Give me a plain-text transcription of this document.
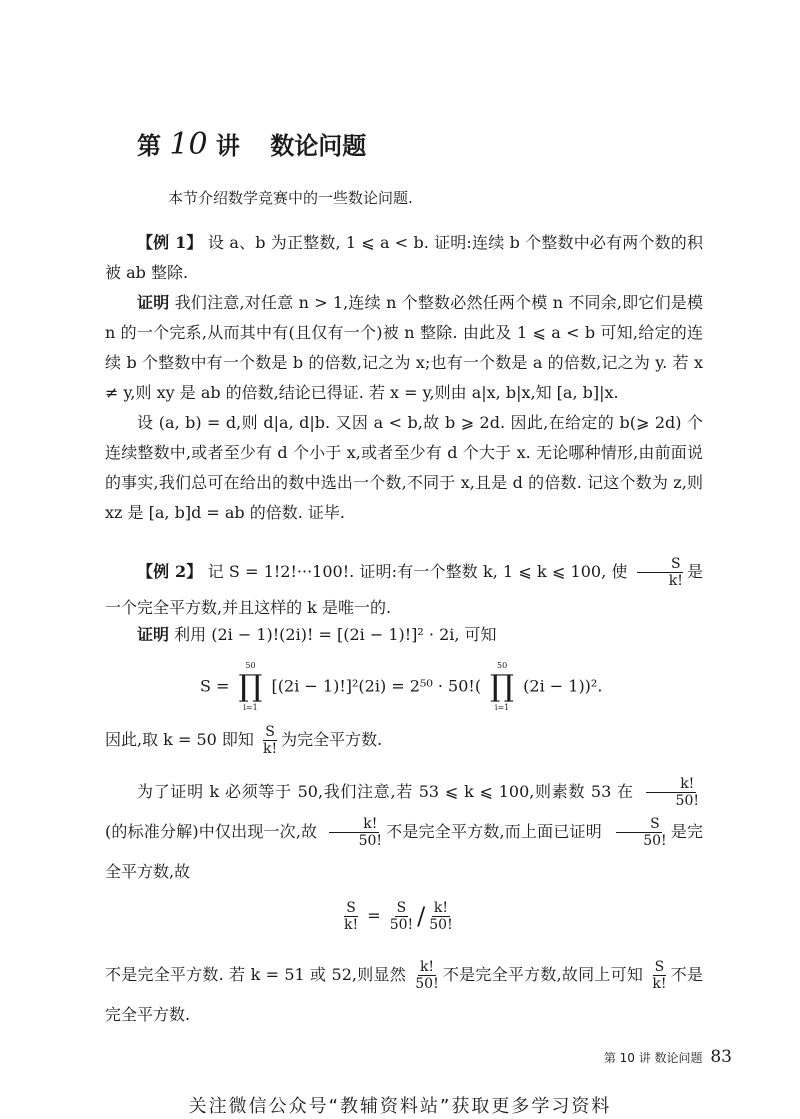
第 10 讲 数论问题
本节介绍数学竞赛中的一些数论问题.
【例 1】 设 a、b 为正整数, 1 ⩽ a < b. 证明:连续 b 个整数中必有两个数的积被 ab 整除.
证明 我们注意,对任意 n > 1,连续 n 个整数必然任两个模 n 不同余,即它们是模 n 的一个完系,从而其中有(且仅有一个)被 n 整除. 由此及 1 ⩽ a < b 可知,给定的连续 b 个整数中有一个数是 b 的倍数,记之为 x;也有一个数是 a 的倍数,记之为 y. 若 x ≠ y,则 xy 是 ab 的倍数,结论已得证. 若 x = y,则由 a|x, b|x,知 [a, b]|x.
设 (a, b) = d,则 d|a, d|b. 又因 a < b,故 b ⩾ 2d. 因此,在给定的 b(⩾ 2d) 个连续整数中,或者至少有 d 个小于 x,或者至少有 d 个大于 x. 无论哪种情形,由前面说的事实,我们总可在给出的数中选出一个数,不同于 x,且是 d 的倍数. 记这个数为 z,则 xz 是 [a, b]d = ab 的倍数. 证毕.
【例 2】 记 S = 1!2!···100!. 证明:有一个整数 k, 1 ⩽ k ⩽ 100, 使 $\frac{S}{k!}$ 是一个完全平方数,并且这样的 k 是唯一的.
证明 利用 (2i − 1)!(2i)! = [(2i − 1)!]² · 2i, 可知
S =
50
∏
i=1
[(2i − 1)!]²(2i) = 2⁵⁰ · 50!(
50
∏
i=1
(2i − 1))².
因此,取 k = 50 即知 $\frac{S}{k!}$ 为完全平方数.
为了证明 k 必须等于 50,我们注意,若 53 ⩽ k ⩽ 100,则素数 53 在 $\frac{k!}{50!}$
(的标准分解)中仅出现一次,故 $\frac{k!}{50!}$ 不是完全平方数,而上面已证明 $\frac{S}{50!}$ 是完全平方数,故
$\frac{S}{k!} = \frac{S}{50!} / \frac{k!}{50!}$
不是完全平方数. 若 k = 51 或 52,则显然 $\frac{k!}{50!}$ 不是完全平方数,故同上可知 $\frac{S}{k!}$ 不是完全平方数.
第 10 讲 数论问题 83
关注微信公众号“教辅资料站”获取更多学习资料
